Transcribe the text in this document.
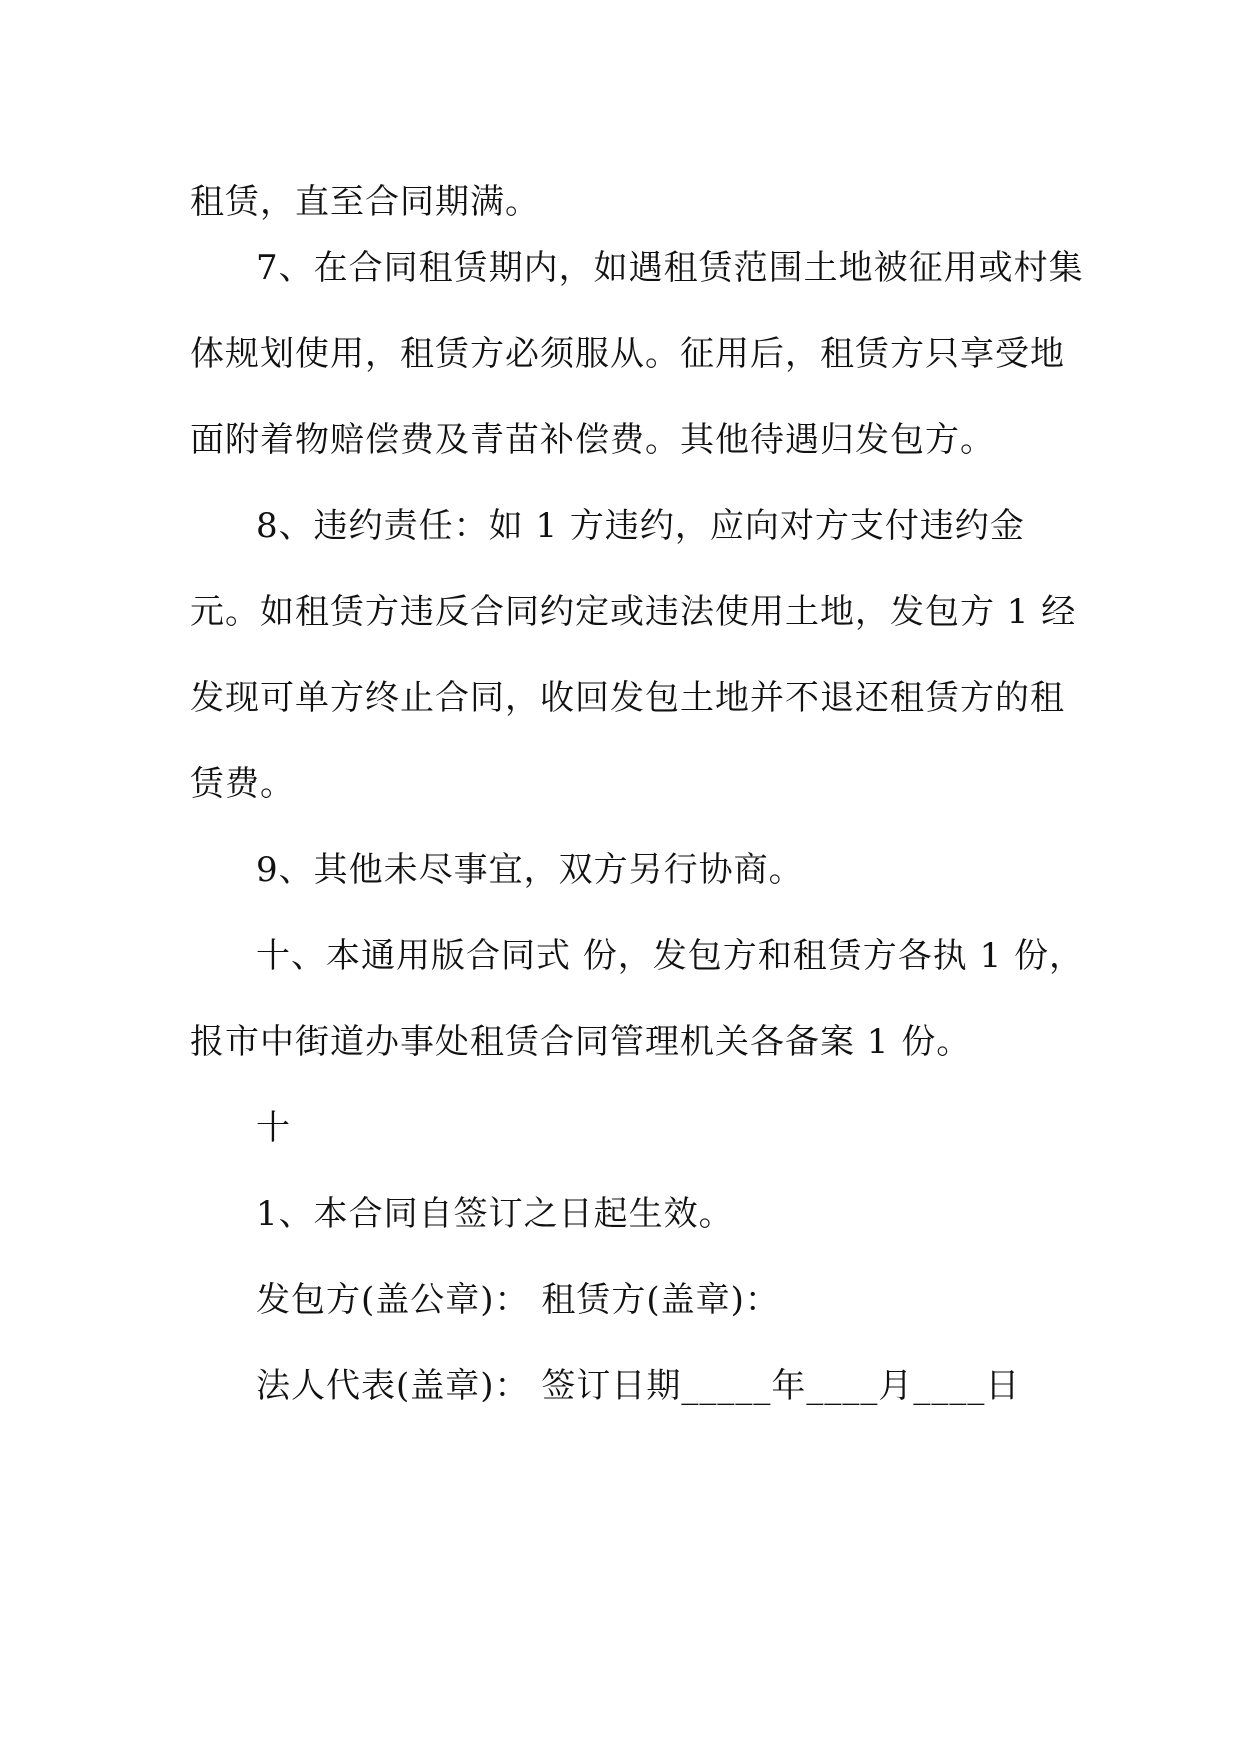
租赁，直至合同期满。
7、在合同租赁期内，如遇租赁范围土地被征用或村集
体规划使用，租赁方必须服从。征用后，租赁方只享受地
面附着物赔偿费及青苗补偿费。其他待遇归发包方。
8、违约责任：如 1 方违约，应向对方支付违约金
元。如租赁方违反合同约定或违法使用土地，发包方 1 经
发现可单方终止合同，收回发包土地并不退还租赁方的租
赁费。
9、其他未尽事宜，双方另行协商。
十、本通用版合同式 份，发包方和租赁方各执 1 份，
报市中街道办事处租赁合同管理机关各备案 1 份。
十
1、本合同自签订之日起生效。
发包方(盖公章)： 租赁方(盖章)：
法人代表(盖章)： 签订日期_____年____月____日
